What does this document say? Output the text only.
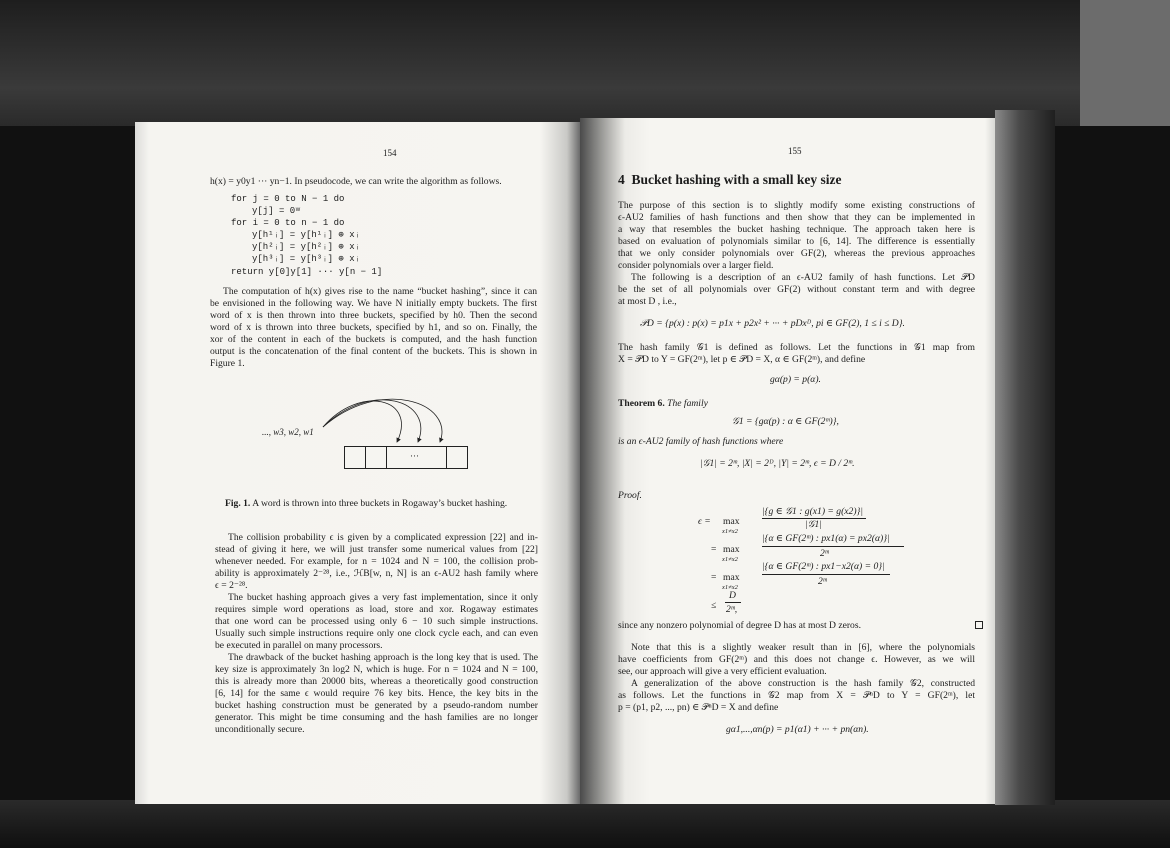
154
h(x) = y0y1 ··· yn−1. In pseudocode, we can write the algorithm as follows.
for j = 0 to N − 1 do
y[j] = 0ʷ
for i = 0 to n − 1 do
y[h¹ᵢ] = y[h¹ᵢ] ⊕ xᵢ
y[h²ᵢ] = y[h²ᵢ] ⊕ xᵢ
y[h³ᵢ] = y[h³ᵢ] ⊕ xᵢ
return y[0]y[1] ··· y[n − 1]
The computation of h(x) gives rise to the name “bucket hashing”, since it can
be envisioned in the following way. We have N initially empty buckets. The first
word of x is then thrown into three buckets, specified by h0. Then the second
word of x is thrown into three buckets, specified by h1, and so on. Finally, the
xor of the content in each of the buckets is computed, and the hash function
output is the concatenation of the final content of the buckets. This is shown in
Figure 1.
..., w3, w2, w1
···
Fig. 1. A word is thrown into three buckets in Rogaway’s bucket hashing.
The collision probability ϵ is given by a complicated expression [22] and in-
stead of giving it here, we will just transfer some numerical values from [22]
whenever needed. For example, for n = 1024 and N = 100, the collision prob-
ability is approximately 2⁻²⁸, i.e., ℋB[w, n, N] is an ϵ-AU2 hash family where
ϵ = 2⁻²⁸.
The bucket hashing approach gives a very fast implementation, since it only
requires simple word operations as load, store and xor. Rogaway estimates
that one word can be processed using only 6 − 10 such simple instructions.
Usually such simple instructions require only one clock cycle each, and can even
be executed in parallel on many processors.
The drawback of the bucket hashing approach is the long key that is used. The
key size is approximately 3n log2 N, which is huge. For n = 1024 and N = 100,
this is already more than 20000 bits, whereas a theoretically good construction
[6, 14] for the same ϵ would require 76 key bits. Hence, the key bits in the
bucket hashing construction must be generated by a pseudo-random number
generator. This might be time consuming and the hash families are no longer
unconditionally secure.
155
4 Bucket hashing with a small key size
The purpose of this section is to slightly modify some existing constructions of
ϵ-AU2 families of hash functions and then show that they can be implemented in
a way that resembles the bucket hashing technique. The approach taken here is
based on evaluation of polynomials similar to [6, 14]. The difference is essentially
that we only consider polynomials over GF(2), whereas the previous approaches
consider polynomials over a larger field.
The following is a description of an ϵ-AU2 family of hash functions. Let 𝒫D
be the set of all polynomials over GF(2) without constant term and with degree
at most D , i.e.,
𝒫D = {p(x) : p(x) = p1x + p2x² + ··· + pDxᴰ, pi ∈ GF(2), 1 ≤ i ≤ D}.
The hash family 𝒢1 is defined as follows. Let the functions in 𝒢1 map from
X = 𝒫D to Y = GF(2ᵐ), let p ∈ 𝒫D = X, α ∈ GF(2ᵐ), and define
gα(p) = p(α).
Theorem 6. The family
𝒢1 = {gα(p) : α ∈ GF(2ᵐ)},
is an ϵ-AU2 family of hash functions where
|𝒢1| = 2ᵐ, |X| = 2ᴰ, |Y| = 2ᵐ, ϵ = D / 2ᵐ.
Proof.
ϵ = max
x1≠x2
|{g ∈ 𝒢1 : g(x1) = g(x2)}|
|𝒢1|
= max
x1≠x2
|{α ∈ GF(2ᵐ) : px1(α) = px2(α)}|
2ᵐ
= max
x1≠x2
|{α ∈ GF(2ᵐ) : px1−x2(α) = 0}|
2ᵐ
≤
D
2ᵐ,
since any nonzero polynomial of degree D has at most D zeros.
Note that this is a slightly weaker result than in [6], where the polynomials
have coefficients from GF(2ᵐ) and this does not change ϵ. However, as we will
see, our approach will give a very efficient evaluation.
A generalization of the above construction is the hash family 𝒢2, constructed
as follows. Let the functions in 𝒢2 map from X = 𝒫ⁿD to Y = GF(2ᵐ), let
p = (p1, p2, ..., pn) ∈ 𝒫ⁿD = X and define
gα1,...,αn(p) = p1(α1) + ··· + pn(αn).
